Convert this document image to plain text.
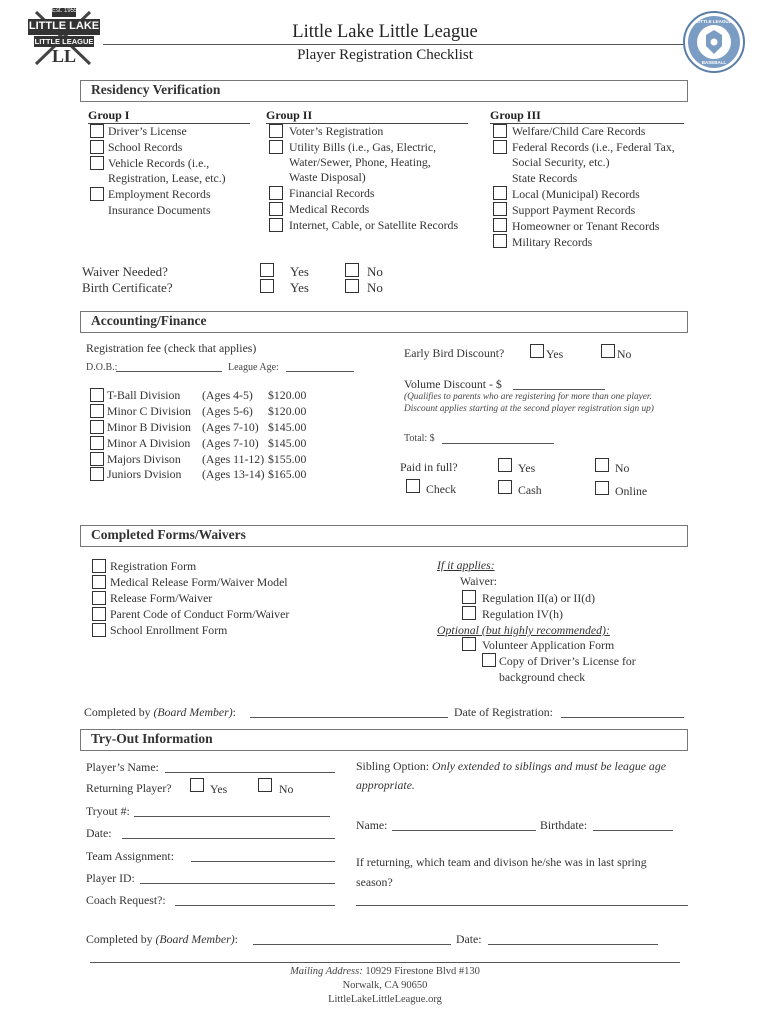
LL
Est. 1955
LITTLE LAKE
LITTLE LEAGUE	Little Lake Little League
Player Registration Checklist
LITTLE LEAGUE
BASEBALL
Residency Verification
Group I	Group II	Group III
Driver’s License
School Records
Vehicle Records (i.e.,
Registration, Lease, etc.)
Employment Records
Insurance Documents
Voter’s Registration
Utility Bills (i.e., Gas, Electric,
Water/Sewer, Phone, Heating,
Waste Disposal)
Financial Records
Medical Records
Internet, Cable, or Satellite Records
Welfare/Child Care Records
Federal Records (i.e., Federal Tax,
Social Security, etc.)
State Records
Local (Municipal) Records
Support Payment Records
Homeowner or Tenant Records
Military Records
Waiver Needed?	Yes	No
Birth Certificate?	Yes	No
Accounting/Finance
Registration fee (check that applies)
D.O.B.:	League Age:
T-Ball Division (Ages 4-5) $120.00
Minor C Division (Ages 5-6) $120.00
Minor B Division (Ages 7-10) $145.00
Minor A Division (Ages 7-10) $145.00
Majors Divison (Ages 11-12) $155.00
Juniors Dvision (Ages 13-14) $165.00
Early Bird Discount?	Yes	No
Volume Discount - $
(Qualifies to parents who are registering for more than one player.
Discount applies starting at the second player registration sign up)
Total: $
Paid in full?	Yes	No
Check	Cash	Online
Completed Forms/Waivers
Registration Form
Medical Release Form/Waiver Model
Release Form/Waiver
Parent Code of Conduct Form/Waiver
School Enrollment Form
If it applies:
Waiver:
Regulation II(a) or II(d)
Regulation IV(h)
Optional (but highly recommended):
Volunteer Application Form
Copy of Driver’s License for
background check
Completed by (Board Member):	Date of Registration:
Try-Out Information
Player’s Name:
Returning Player?	Yes	No
Tryout #:
Date:
Team Assignment:
Player ID:
Coach Request?:
Sibling Option: Only extended to siblings and must be league age
appropriate.
Name:	Birthdate:
If returning, which team and divison he/she was in last spring
season?
Completed by (Board Member):	Date:
Mailing Address: 10929 Firestone Blvd #130
Norwalk, CA 90650
LittleLakeLittleLeague.org
